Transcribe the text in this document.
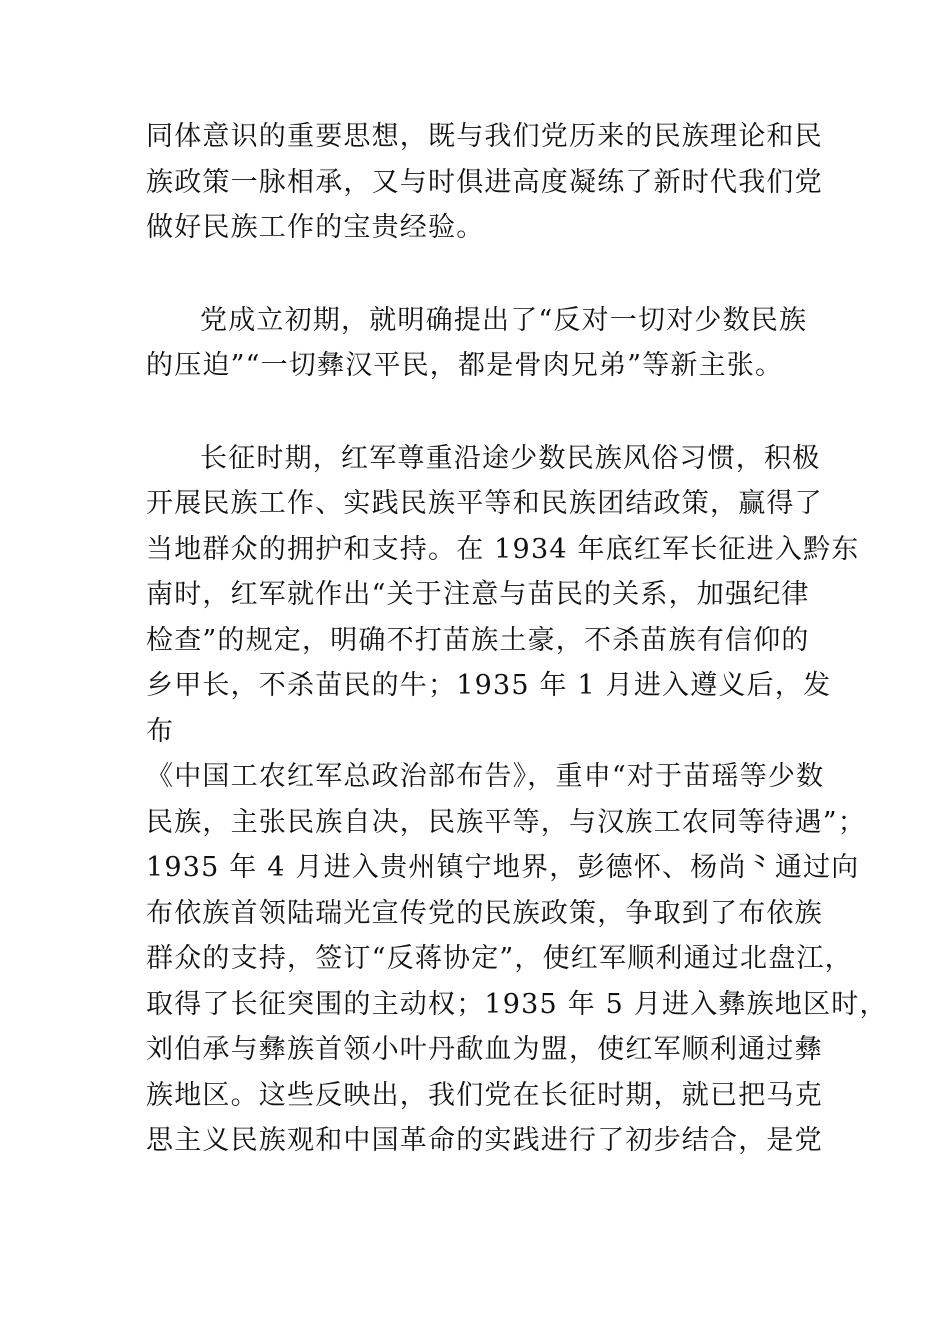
同体意识的重要思想，既与我们党历来的民族理论和民
族政策一脉相承，又与时俱进高度凝练了新时代我们党
做好民族工作的宝贵经验。
党成立初期，就明确提出了“反对一切对少数民族
的压迫”“一切彝汉平民，都是骨肉兄弟”等新主张。
长征时期，红军尊重沿途少数民族风俗习惯，积极
开展民族工作、实践民族平等和民族团结政策，赢得了
当地群众的拥护和支持。在 1934 年底红军长征进入黔东
南时，红军就作出“关于注意与苗民的关系，加强纪律
检查”的规定，明确不打苗族土豪，不杀苗族有信仰的
乡甲长，不杀苗民的牛；1935 年 1 月进入遵义后，发
布
《中国工农红军总政治部布告》，重申“对于苗瑶等少数
民族，主张民族自决，民族平等，与汉族工农同等待遇”；
1935 年 4 月进入贵州镇宁地界，彭德怀、杨尚⺀通过向
布依族首领陆瑞光宣传党的民族政策，争取到了布依族
群众的支持，签订“反蒋协定”，使红军顺利通过北盘江，
取得了长征突围的主动权；1935 年 5 月进入彝族地区时，
刘伯承与彝族首领小叶丹歃血为盟，使红军顺利通过彝
族地区。这些反映出，我们党在长征时期，就已把马克
思主义民族观和中国革命的实践进行了初步结合，是党
